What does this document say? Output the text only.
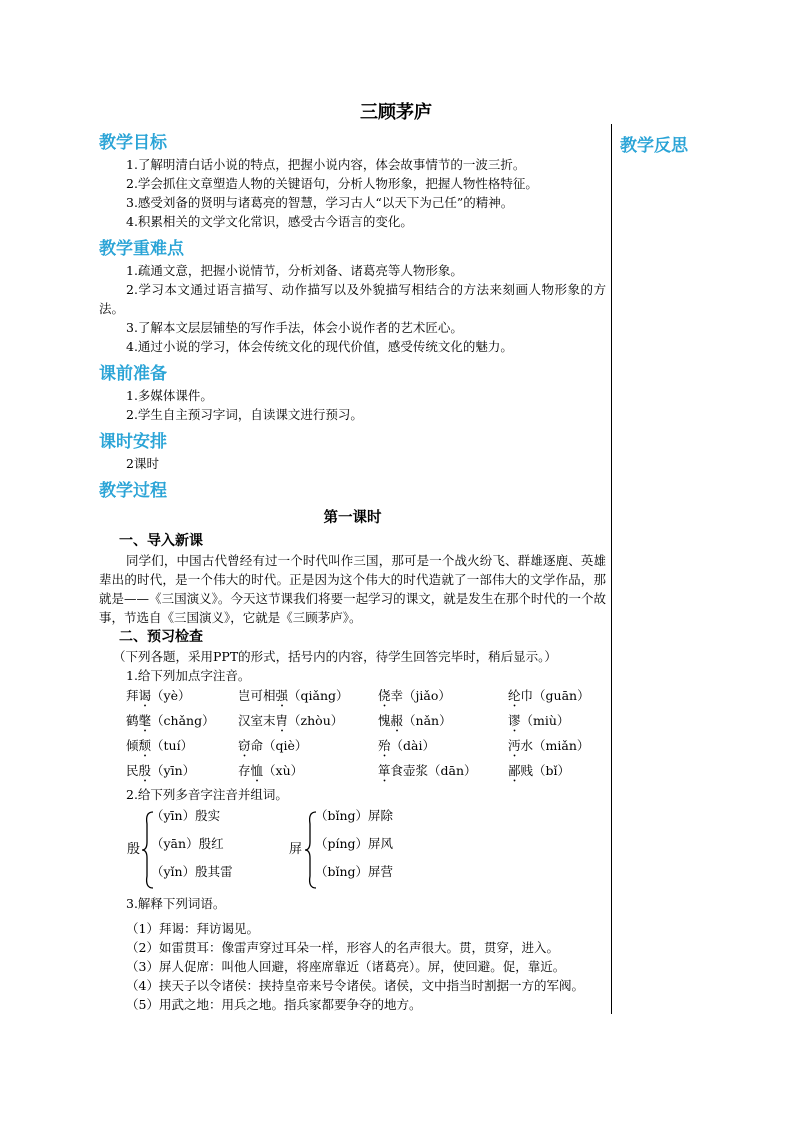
三顾茅庐
教学反思
教学目标

1.了解明清白话小说的特点，把握小说内容，体会故事情节的一波三折。

2.学会抓住文章塑造人物的关键语句，分析人物形象，把握人物性格特征。

3.感受刘备的贤明与诸葛亮的智慧，学习古人“以天下为己任”的精神。

4.积累相关的文学文化常识，感受古今语言的变化。

教学重难点

1.疏通文意，把握小说情节，分析刘备、诸葛亮等人物形象。

2.学习本文通过语言描写、动作描写以及外貌描写相结合的方法来刻画人物形象的方法。

3.了解本文层层铺垫的写作手法，体会小说作者的艺术匠心。

4.通过小说的学习，体会传统文化的现代价值，感受传统文化的魅力。

课前准备

1.多媒体课件。

2.学生自主预习字词，自读课文进行预习。

课时安排

2课时

教学过程
第一课时
一、导入新课

同学们，中国古代曾经有过一个时代叫作三国，那可是一个战火纷飞、群雄逐鹿、英雄辈出的时代，是一个伟大的时代。正是因为这个伟大的时代造就了一部伟大的文学作品，那就是——《三国演义》。今天这节课我们将要一起学习的课文，就是发生在那个时代的一个故事，节选自《三国演义》，它就是《三顾茅庐》。

二、预习检查

（下列各题，采用PPT的形式，括号内的内容，待学生回答完毕时，稍后显示。）

1.给下列加点字注音。

拜谒（yè）	岂可相强（qiǎng）	侥幸（jiǎo）	纶巾（guān）
鹤氅（chǎng）	汉室末胄（zhòu）	愧赧（nǎn）	谬（miù）
倾颓（tuí）	窃命（qiè）	殆（dài）	沔水（miǎn）
民殷（yīn）	存恤（xù）	箪食壶浆（dān）	鄙贱（bǐ）

2.给下列多音字注音并组词。

殷
（yīn）殷实
（yān）殷红
（yǐn）殷其雷
屏
（bǐng）屏除
（píng）屏风
（bǐng）屏营

3.解释下列词语。

（1）拜谒：拜访谒见。

（2）如雷贯耳：像雷声穿过耳朵一样，形容人的名声很大。贯，贯穿，进入。

（3）屏人促席：叫他人回避，将座席靠近（诸葛亮）。屏，使回避。促，靠近。

（4）挟天子以令诸侯：挟持皇帝来号令诸侯。诸侯，文中指当时割据一方的军阀。

（5）用武之地：用兵之地。指兵家都要争夺的地方。
